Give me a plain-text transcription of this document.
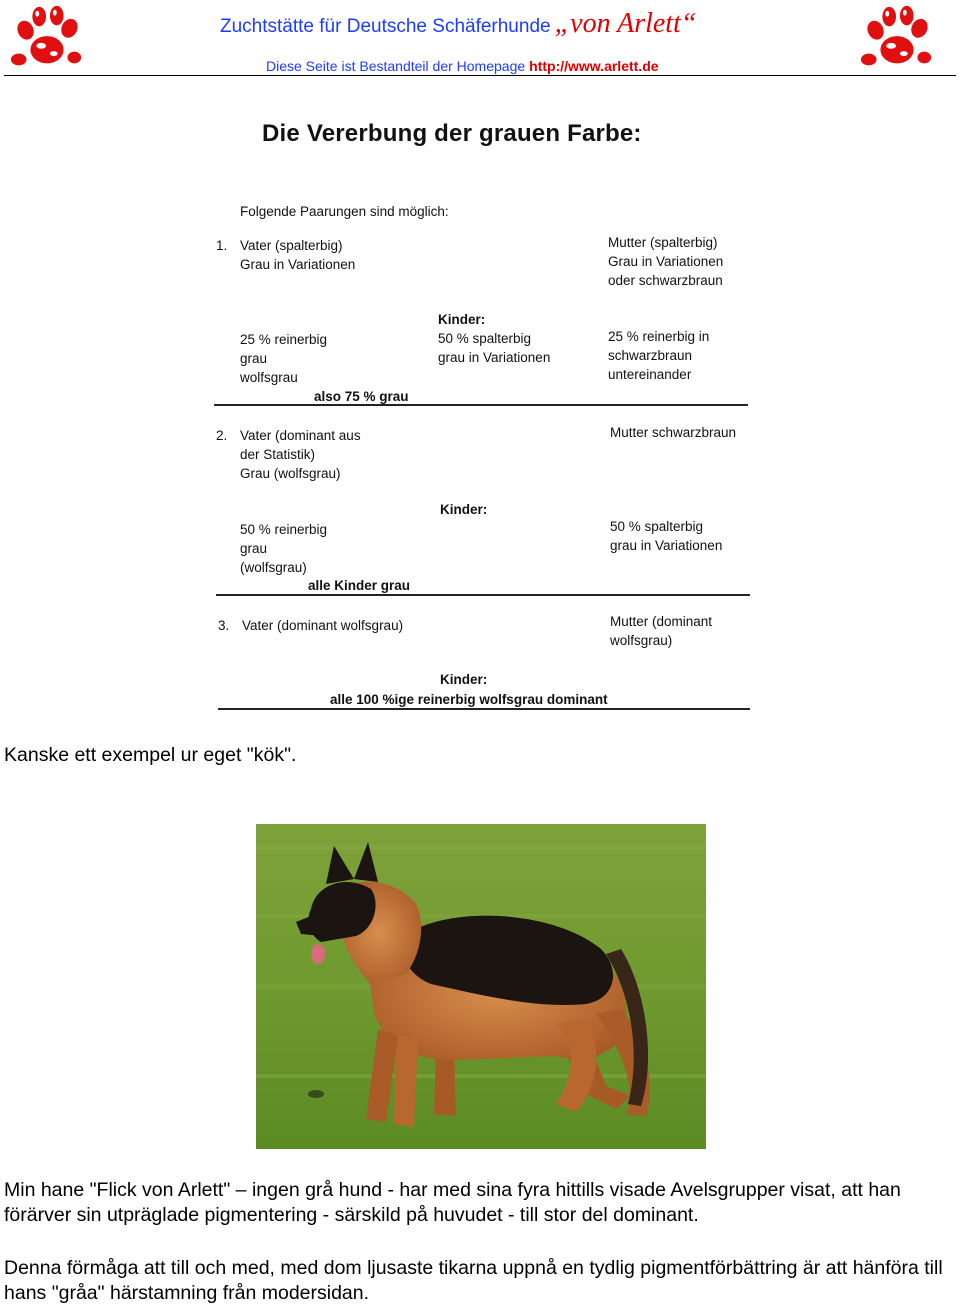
Zuchtstätte für Deutsche Schäferhunde „von Arlett“
Diese Seite ist Bestandteil der Homepage http://www.arlett.de
Die Vererbung der grauen Farbe:
Folgende Paarungen sind möglich:
1. Vater (spalterbig)
Grau in Variationen
Mutter (spalterbig)
Grau in Variationen
oder schwarzbraun
Kinder:
50 % spalterbig
grau in Variationen
25 % reinerbig
grau
wolfsgrau
25 % reinerbig in
schwarzbraun
untereinander
also 75 % grau
2. Vater (dominant aus
der Statistik)
Grau (wolfsgrau)
Mutter schwarzbraun
Kinder:
50 % reinerbig
grau
(wolfsgrau)
50 % spalterbig
grau in Variationen
alle Kinder grau
3. Vater (dominant wolfsgrau)	Mutter (dominant
wolfsgrau)
Kinder:
alle 100 %ige reinerbig wolfsgrau dominant
Kanske ett exempel ur eget "kök".
Min hane "Flick von Arlett" – ingen grå hund - har med sina fyra hittills visade Avelsgrupper visat, att han förärver sin utpräglade pigmentering - särskild på huvudet - till stor del dominant.
Denna förmåga att till och med, med dom ljusaste tikarna uppnå en tydlig pigmentförbättring är att hänföra till hans "gråa" härstamning från modersidan.
